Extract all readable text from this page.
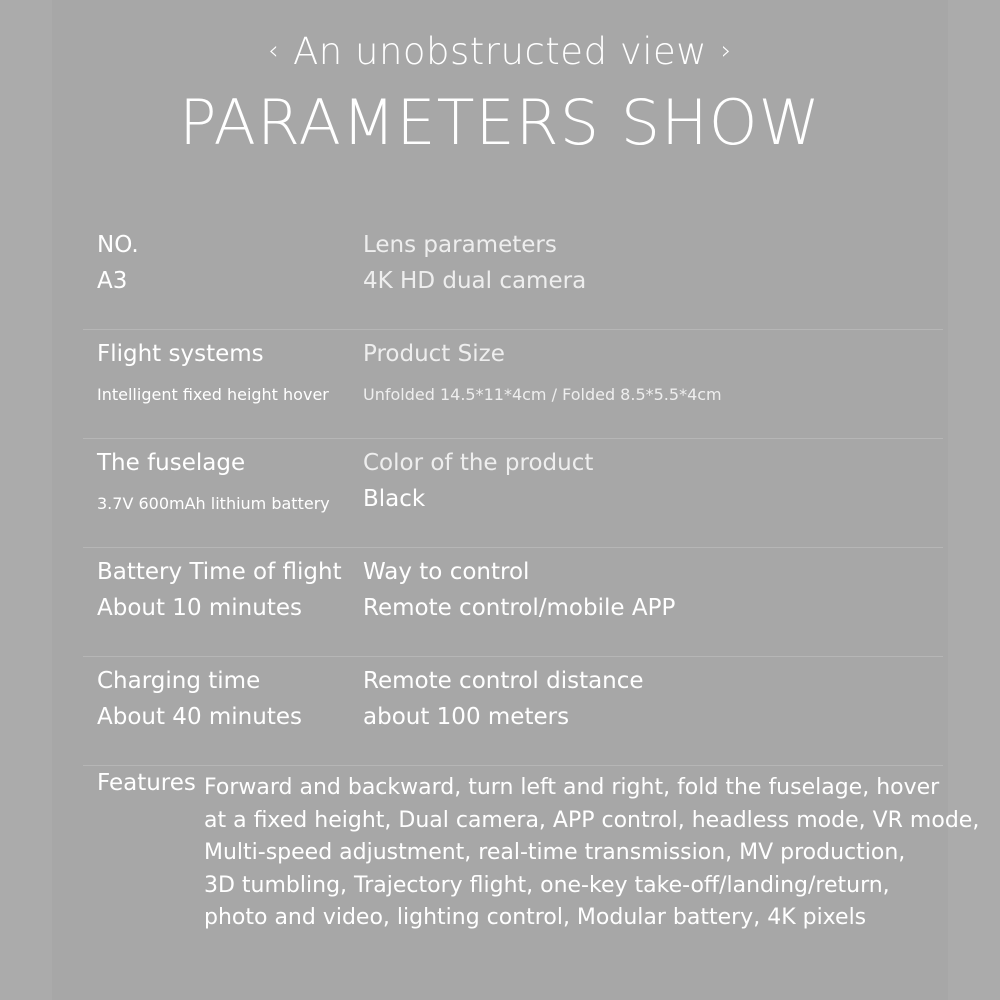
‹ An unobstructed view ›
PARAMETERS SHOW
NO.
A3
Lens parameters
4K HD dual camera
Flight systems
Intelligent fixed height hover
Product Size
Unfolded 14.5*11*4cm / Folded 8.5*5.5*4cm
The fuselage
3.7V 600mAh lithium battery
Color of the product
Black
Battery Time of flight
About 10 minutes
Way to control
Remote control/mobile APP
Charging time
About 40 minutes
Remote control distance
about 100 meters
Features Forward and backward, turn left and right, fold the fuselage, hover
at a fixed height, Dual camera, APP control, headless mode, VR mode,
Multi-speed adjustment, real-time transmission, MV production,
3D tumbling, Trajectory flight, one-key take-off/landing/return,
photo and video, lighting control, Modular battery, 4K pixels
